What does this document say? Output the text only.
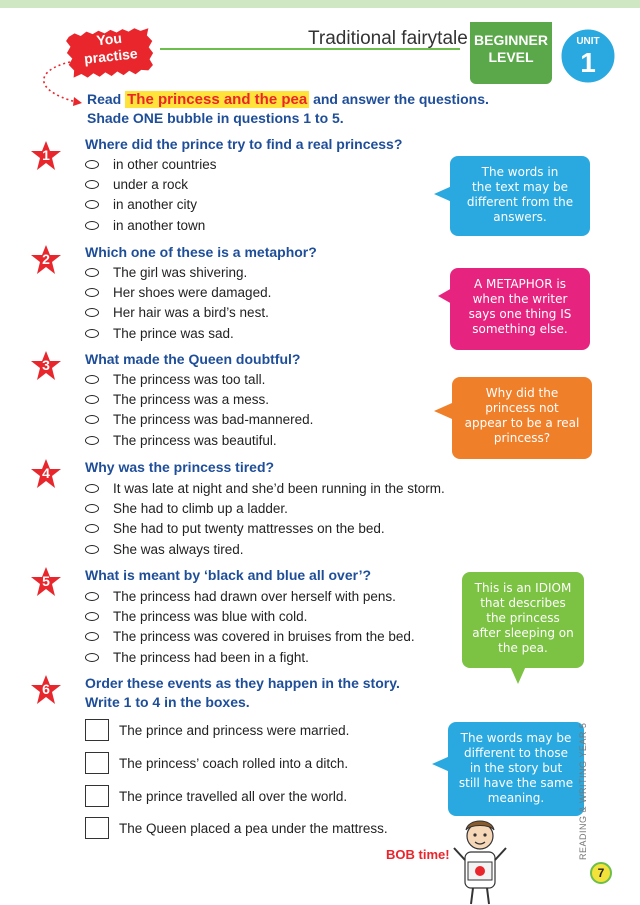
Traditional fairytale BEGINNER
LEVEL
UNIT
1
You
practise
Read The princess and the pea and answer the questions.
Shade ONE bubble in questions 1 to 5.
1
Where did the prince try to find a real princess?
in other countries
under a rock
in another city
in another town
2	Which one of these is a metaphor?
The girl was shivering.
Her shoes were damaged.
Her hair was a bird’s nest.
The prince was sad.
3	What made the Queen doubtful?
The princess was too tall.
The princess was a mess.
The princess was bad-mannered.
The princess was beautiful.
4	Why was the princess tired?
It was late at night and she’d been running in the storm.
She had to climb up a ladder.
She had to put twenty mattresses on the bed.
She was always tired.
5	What is meant by ‘black and blue all over’?
The princess had drawn over herself with pens.
The princess was blue with cold.
The princess was covered in bruises from the bed.
The princess had been in a fight.
6	Order these events as they happen in the story.
Write 1 to 4 in the boxes.
The prince and princess were married.
The princess’ coach rolled into a ditch.
The prince travelled all over the world.
The Queen placed a pea under the mattress.
The words in
the text may be
different from the
answers.
A METAPHOR is
when the writer
says one thing IS
something else.
Why did the
princess not
appear to be a real
princess?
This is an IDIOM
that describes
the princess
after sleeping on
the pea.
The words may be
different to those
in the story but
still have the same
meaning.
BOB time!	READING & WRITING YEAR 5
7
